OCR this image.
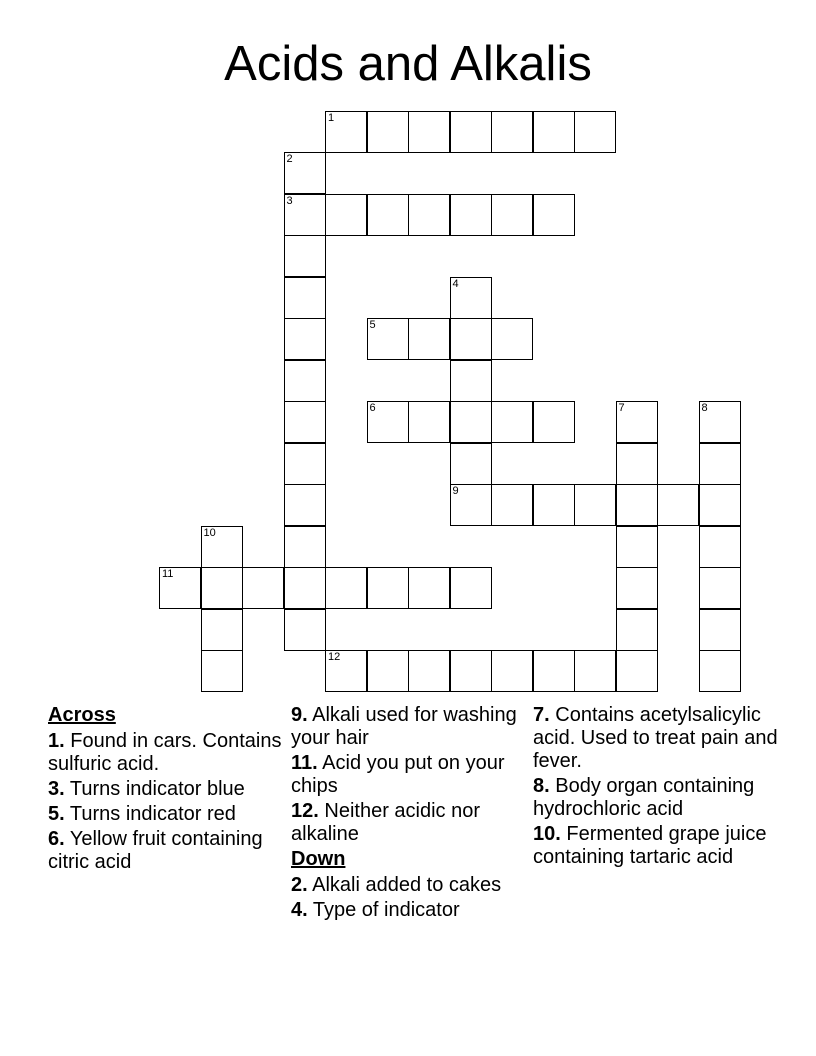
Acids and Alkalis
1
2
3
4
5
6	7	8
9
10
11
12
Across
1. Found in cars. Contains sulfuric acid.
3. Turns indicator blue
5. Turns indicator red
6. Yellow fruit containing citric acid
9. Alkali used for washing your hair
11. Acid you put on your chips
12. Neither acidic nor alkaline
Down
2. Alkali added to cakes
4. Type of indicator
7. Contains acetylsalicylic acid. Used to treat pain and fever.
8. Body organ containing hydrochloric acid
10. Fermented grape juice containing tartaric acid
